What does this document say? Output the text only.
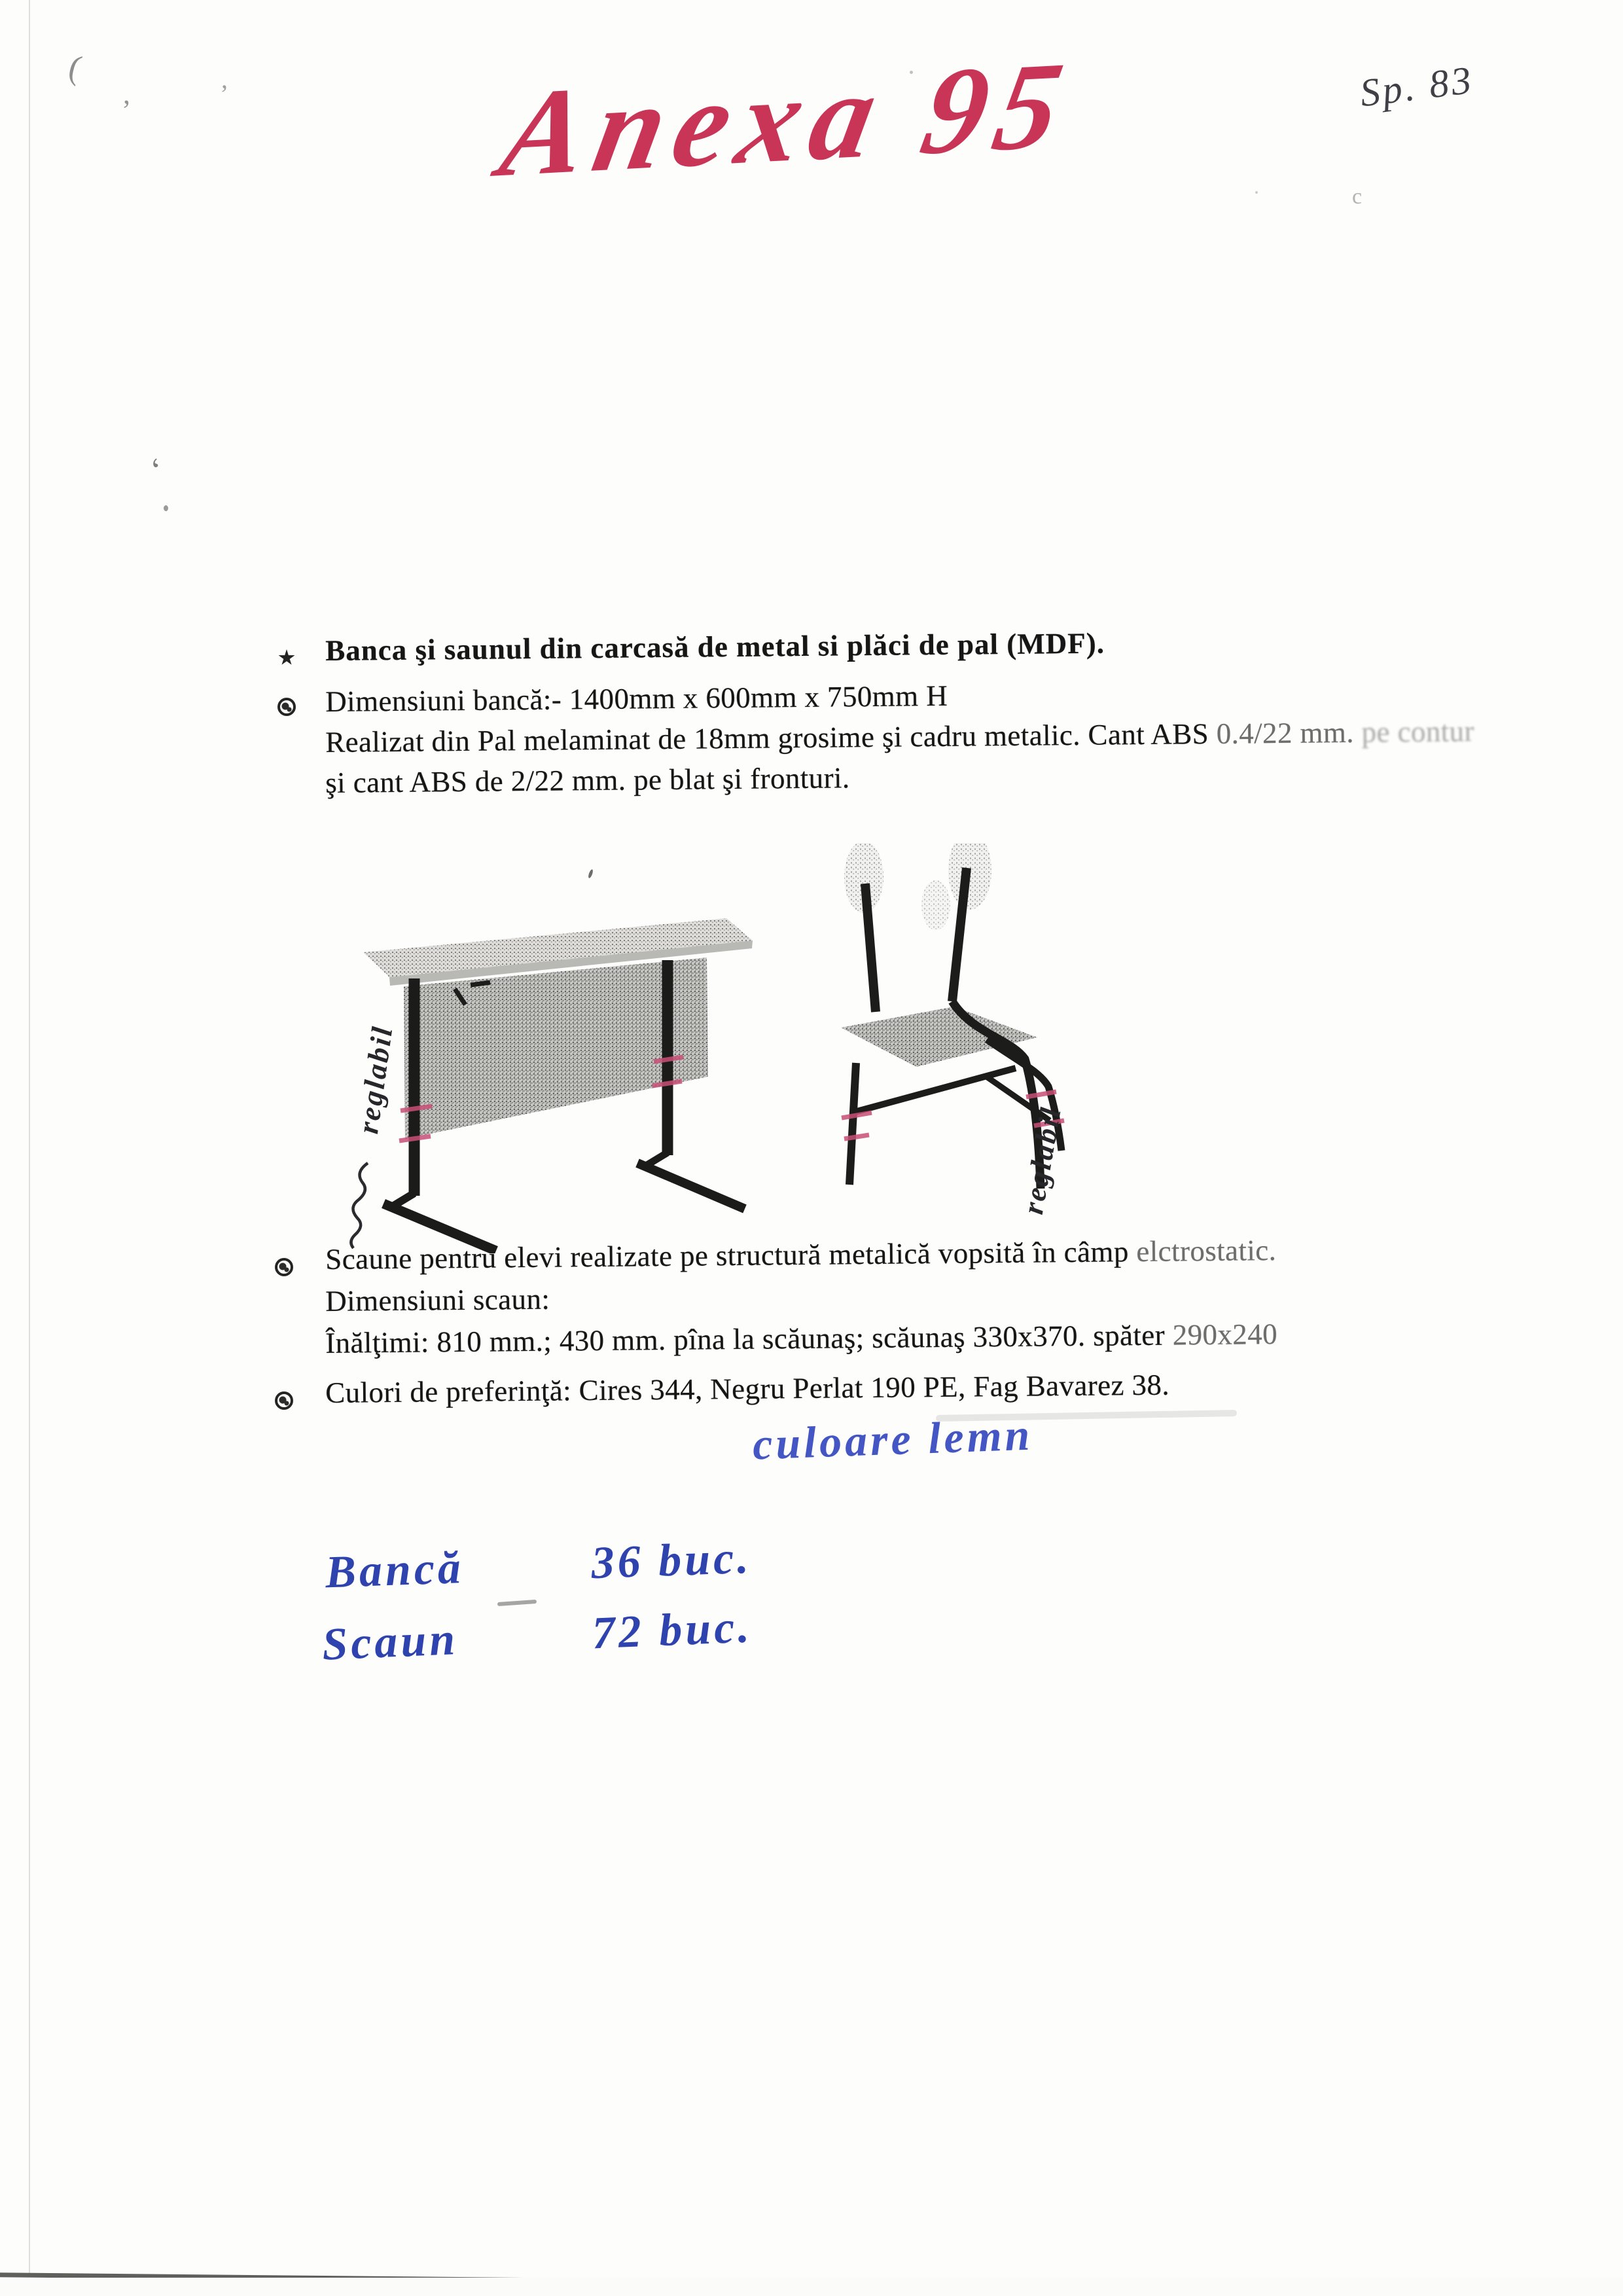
(
,	’
‘
c
Anexa 95	Sp. 83
Banca şi saunul din carcasă de metal si plăci de pal (MDF).
Dimensiuni bancă:- 1400mm x 600mm x 750mm H
Realizat din Pal melaminat de 18mm grosime şi cadru metalic. Cant ABS 0.4/22 mm. pe contur
şi cant ABS de 2/22 mm. pe blat şi fronturi.
reglabil
reglabil
Scaune pentru elevi realizate pe structură metalică vopsită în câmp elctrostatic.
Dimensiuni scaun:
Înălţimi: 810 mm.; 430 mm. pîna la scăunaş; scăunaş 330x370. spăter 290x240
Culori de preferinţă: Cires 344, Negru Perlat 190 PE, Fag Bavarez 38.
culoare lemn
Bancă	36 buc.
Scaun	72 buc.
